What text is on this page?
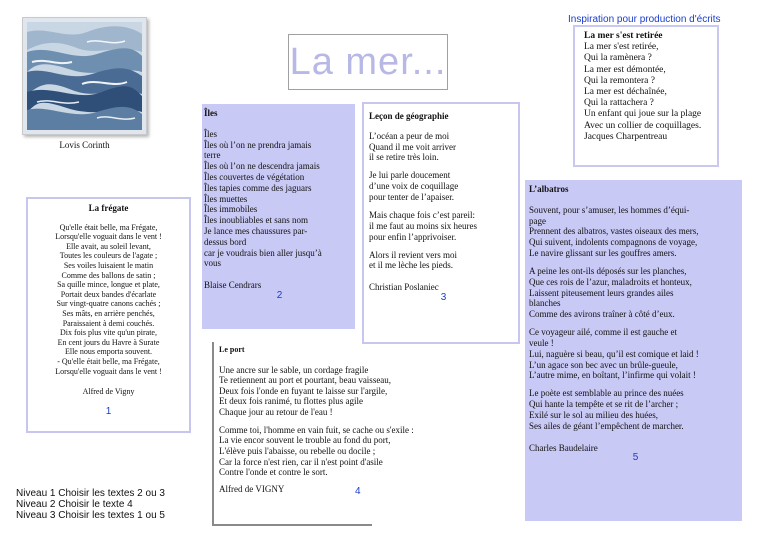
Lovis Corinth
La mer...
Inspiration pour production d'écrits
La mer s'est retirée
La mer s'est retirée,
Qui la ramènera ?
La mer est démontée,
Qui la remontera ?
La mer est déchaînée,
Qui la rattachera ?
Un enfant qui joue sur la plage
Avec un collier de coquillages.
Jacques Charpentreau
La frégate
Qu'elle était belle, ma Frégate,
Lorsqu'elle voguait dans le vent !
Elle avait, au soleil levant,
Toutes les couleurs de l'agate ;
Ses voiles luisaient le matin
Comme des ballons de satin ;
Sa quille mince, longue et plate,
Portait deux bandes d'écarlate
Sur vingt-quatre canons cachés ;
Ses mâts, en arrière penchés,
Paraissaient à demi couchés.
Dix fois plus vite qu'un pirate,
En cent jours du Havre à Surate
Elle nous emporta souvent.
- Qu'elle était belle, ma Frégate,
Lorsqu'elle voguait dans le vent !
Alfred de Vigny
1
Îles
Îles
Îles où l’on ne prendra jamais
terre
Îles où l’on ne descendra jamais
Îles couvertes de végétation
Îles tapies comme des jaguars
Îles muettes
Îles immobiles
Îles inoubliables et sans nom
Je lance mes chaussures par-
dessus bord
car je voudrais bien aller jusqu’à
vous
Blaise Cendrars
2
Leçon de géographie
L’océan a peur de moi
Quand il me voit arriver
il se retire très loin.
Je lui parle doucement
d’une voix de coquillage
pour tenter de l’apaiser.
Mais chaque fois c’est pareil:
il me faut au moins six heures
pour enfin l’apprivoiser.
Alors il revient vers moi
et il me lèche les pieds.
Christian Poslaniec
3
Le port
Une ancre sur le sable, un cordage fragile
Te retiennent au port et pourtant, beau vaisseau,
Deux fois l'onde en fuyant te laisse sur l'argile,
Et deux fois ranimé, tu flottes plus agile
Chaque jour au retour de l'eau !
Comme toi, l'homme en vain fuit, se cache ou s'exile :
La vie encor souvent le trouble au fond du port,
L'élève puis l'abaisse, ou rebelle ou docile ;
Car la force n'est rien, car il n'est point d'asile
Contre l'onde et contre le sort.
Alfred de VIGNY	4
L’albatros
Souvent, pour s’amuser, les hommes d’équi-
page
Prennent des albatros, vastes oiseaux des mers,
Qui suivent, indolents compagnons de voyage,
Le navire glissant sur les gouffres amers.
A peine les ont-ils déposés sur les planches,
Que ces rois de l’azur, maladroits et honteux,
Laissent piteusement leurs grandes ailes
blanches
Comme des avirons traîner à côté d’eux.
Ce voyageur ailé, comme il est gauche et
veule !
Lui, naguère si beau, qu’il est comique et laid !
L’un agace son bec avec un brûle-gueule,
L’autre mime, en boîtant, l’infirme qui volait !
Le poète est semblable au prince des nuées
Qui hante la tempête et se rit de l’archer ;
Exilé sur le sol au milieu des huées,
Ses ailes de géant l’empêchent de marcher.
Charles Baudelaire
5
Niveau 1 Choisir les textes 2 ou 3
Niveau 2 Choisir le texte 4
Niveau 3 Choisir les textes 1 ou 5
